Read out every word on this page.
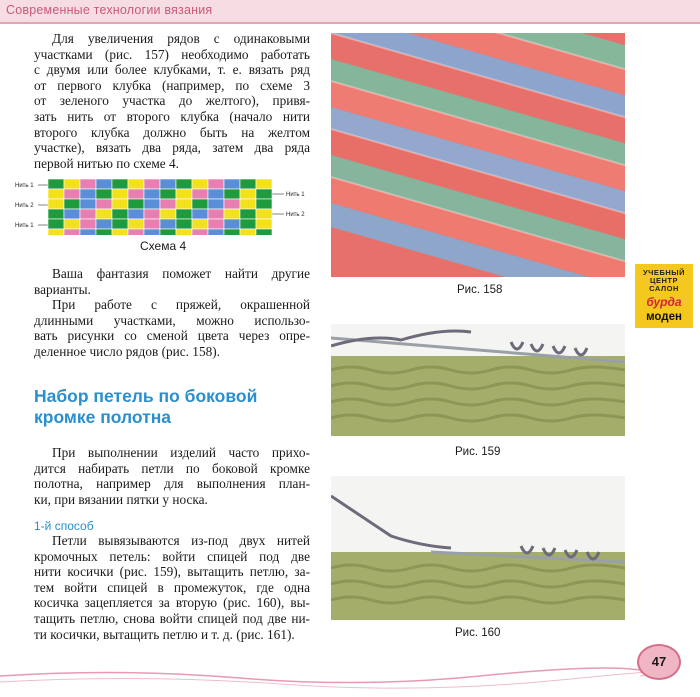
Современные технологии вязания
Для увеличения рядов с одинаковыми
участками (рис. 157) необходимо работать
с двумя или более клубками, т. е. вязать ряд
от первого клубка (например, по схеме 3
от зеленого участка до желтого), привя-
зать нить от второго клубка (начало нити
второго клубка должно быть на желтом
участке), вязать два ряда, затем два ряда
первой нитью по схеме 4.
Нить 1
Нить 2
Нить 1
Нить 1
Нить 2
Схема 4
Ваша фантазия поможет найти другие
варианты.
При работе с пряжей, окрашенной
длинными участками, можно использо-
вать рисунки со сменой цвета через опре-
деленное число рядов (рис. 158).
Набор петель по боковой
кромке полотна
При выполнении изделий часто прихо-
дится набирать петли по боковой кромке
полотна, например для выполнения план-
ки, при вязании пятки у носка.
1-й способ
Петли вывязываются из-под двух нитей
кромочных петель: войти спицей под две
нити косички (рис. 159), вытащить петлю, за-
тем войти спицей в промежуток, где одна
косичка зацепляется за вторую (рис. 160), вы-
тащить петлю, снова войти спицей под две ни-
ти косички, вытащить петлю и т. д. (рис. 161).
Рис. 158
Рис. 159
Рис. 160
УЧЕБНЫЙ
ЦЕНТР
САЛОН
бурда
моден
47
